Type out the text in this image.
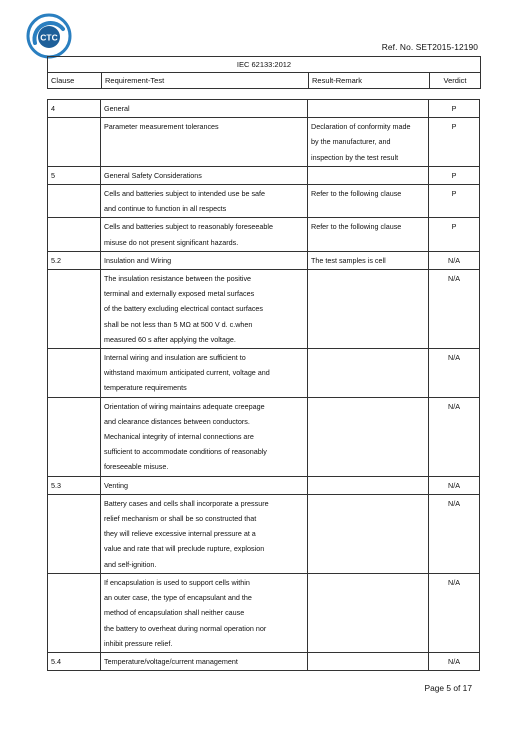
CTC
Ref. No. SET2015-12190
IEC 62133:2012
Clause	Requirement-Test	Result-Remark	Verdict
4	General		P
	Parameter measurement tolerances	Declaration of conformity made
by the manufacturer, and
inspection by the test result	P
5	General Safety Considerations		P
	Cells and batteries subject to intended use be safe
and continue to function in all respects	Refer to the following clause	P
	Cells and batteries subject to reasonably foreseeable
misuse do not present significant hazards.	Refer to the following clause	P
5.2	Insulation and Wiring	The test samples is cell	N/A
	The insulation resistance between the positive
terminal and externally exposed metal surfaces
of the battery excluding electrical contact surfaces
shall be not less than 5 MΩ at 500 V d. c.when
measured 60 s after applying the voltage.		N/A
	Internal wiring and insulation are sufficient to
withstand maximum anticipated current, voltage and
temperature requirements		N/A
	Orientation of wiring maintains adequate creepage
and clearance distances between conductors.
Mechanical integrity of internal connections are
sufficient to accommodate conditions of reasonably
foreseeable misuse.		N/A
5.3	Venting		N/A
	Battery cases and cells shall incorporate a pressure
relief mechanism or shall be so constructed that
they will relieve excessive internal pressure at a
value and rate that will preclude rupture, explosion
and self-ignition.		N/A
	If encapsulation is used to support cells within
an outer case, the type of encapsulant and the
method of encapsulation shall neither cause
the battery to overheat during normal operation nor
inhibit pressure relief.		N/A
5.4	Temperature/voltage/current management		N/A
Page 5 of 17
